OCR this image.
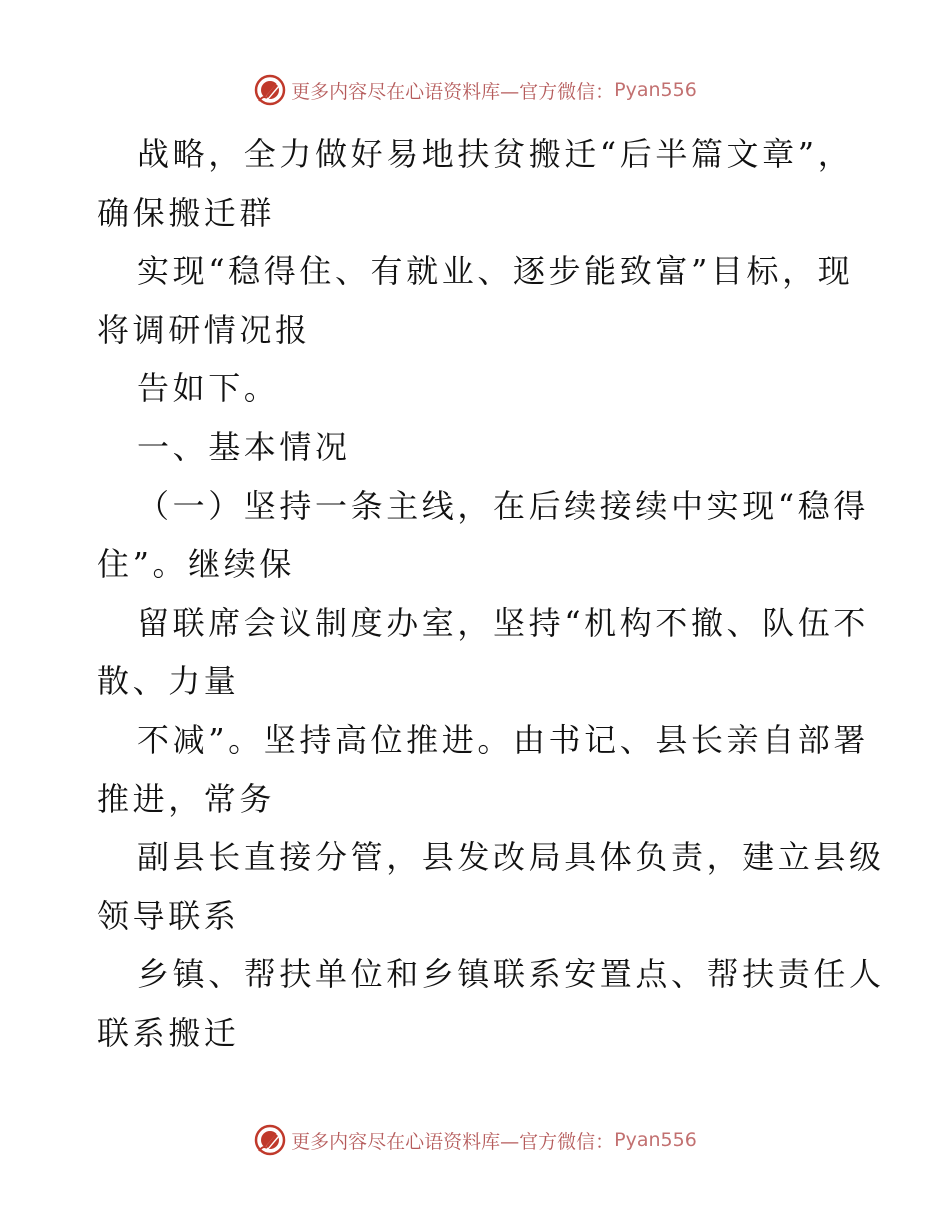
更多内容尽在心语资料库—官方微信： Pyan556
战略，全力做好易地扶贫搬迁“后半篇文章”，
确保搬迁群
实现“稳得住、有就业、逐步能致富”目标，现
将调研情况报
告如下。
一、基本情况
（一）坚持一条主线，在后续接续中实现“稳得
住”。继续保
留联席会议制度办室，坚持“机构不撤、队伍不
散、力量
不减”。坚持高位推进。由书记、县长亲自部署
推进，常务
副县长直接分管，县发改局具体负责，建立县级
领导联系
乡镇、帮扶单位和乡镇联系安置点、帮扶责任人
联系搬迁
更多内容尽在心语资料库—官方微信： Pyan556
